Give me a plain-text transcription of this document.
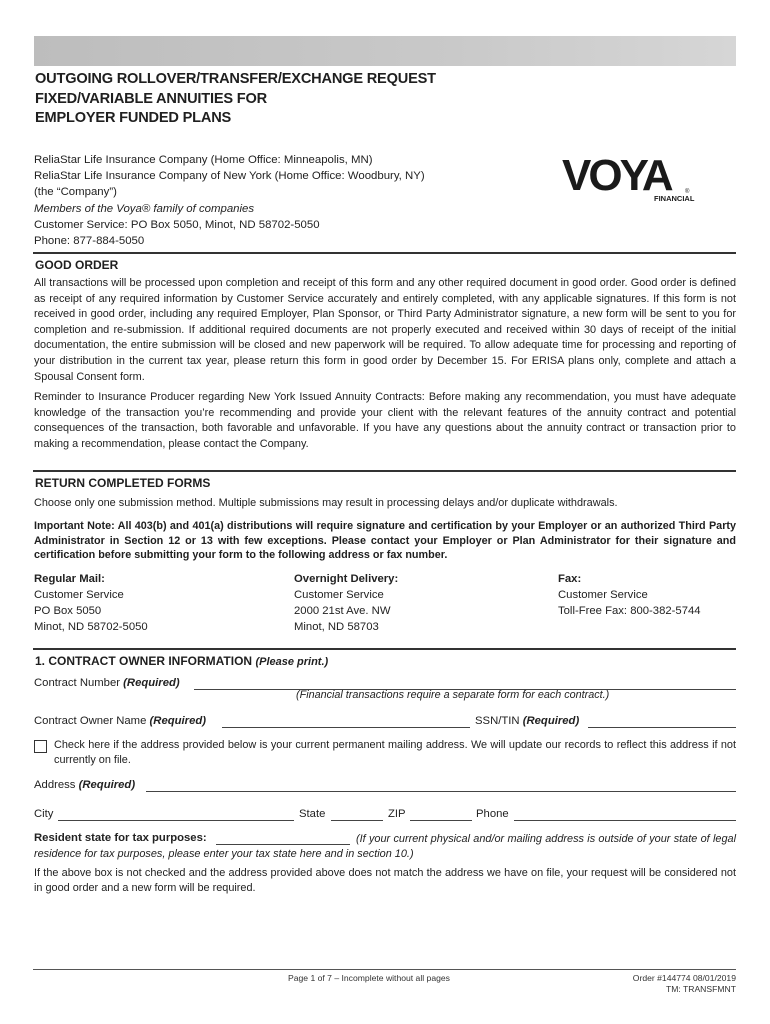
OUTGOING ROLLOVER/TRANSFER/EXCHANGE REQUEST
FIXED/VARIABLE ANNUITIES FOR
EMPLOYER FUNDED PLANS
ReliaStar Life Insurance Company (Home Office: Minneapolis, MN)
ReliaStar Life Insurance Company of New York (Home Office: Woodbury, NY)
(the “Company”)
Members of the Voya® family of companies
Customer Service: PO Box 5050, Minot, ND 58702-5050
Phone: 877-884-5050
VOYA	®
FINANCIAL
GOOD ORDER
All transactions will be processed upon completion and receipt of this form and any other required document in good order. Good order is defined as receipt of any required information by Customer Service accurately and entirely completed, with any applicable signatures. If this form is not received in good order, including any required Employer, Plan Sponsor, or Third Party Administrator signature, a new form will be sent to you for completion and re-submission. If additional required documents are not properly executed and received within 30 days of receipt of the initial documentation, the entire submission will be closed and new paperwork will be required. To allow adequate time for processing and reporting of your distribution in the current tax year, please return this form in good order by December 15. For ERISA plans only, complete and attach a Spousal Consent form.
Reminder to Insurance Producer regarding New York Issued Annuity Contracts: Before making any recommendation, you must have adequate knowledge of the transaction you’re recommending and provide your client with the relevant features of the annuity contract and potential consequences of the transaction, both favorable and unfavorable. If you have any questions about the annuity contract or transaction prior to making a recommendation, please contact the Company.
RETURN COMPLETED FORMS
Choose only one submission method. Multiple submissions may result in processing delays and/or duplicate withdrawals.
Important Note: All 403(b) and 401(a) distributions will require signature and certification by your Employer or an authorized Third Party Administrator in Section 12 or 13 with few exceptions. Please contact your Employer or Plan Administrator for their signature and certification before submitting your form to the following address or fax number.
Regular Mail:
Customer Service
PO Box 5050
Minot, ND 58702-5050
Overnight Delivery:
Customer Service
2000 21st Ave. NW
Minot, ND 58703
Fax:
Customer Service
Toll-Free Fax: 800-382-5744
1. CONTRACT OWNER INFORMATION (Please print.)
Contract Number (Required)
(Financial transactions require a separate form for each contract.)
Contract Owner Name (Required)	SSN/TIN (Required)
Check here if the address provided below is your current permanent mailing address. We will update our records to reflect this address if not currently on file.
Address (Required)
City	State	ZIP	Phone
Resident state for tax purposes:	(If your current physical and/or mailing address is outside of your state of legal residence for tax purposes, please enter your tax state here and in section 10.)
If the above box is not checked and the address provided above does not match the address we have on file, your request will be considered not in good order and a new form will be required.
Page 1 of 7 – Incomplete without all pages	Order #144774 08/01/2019
TM: TRANSFMNT
